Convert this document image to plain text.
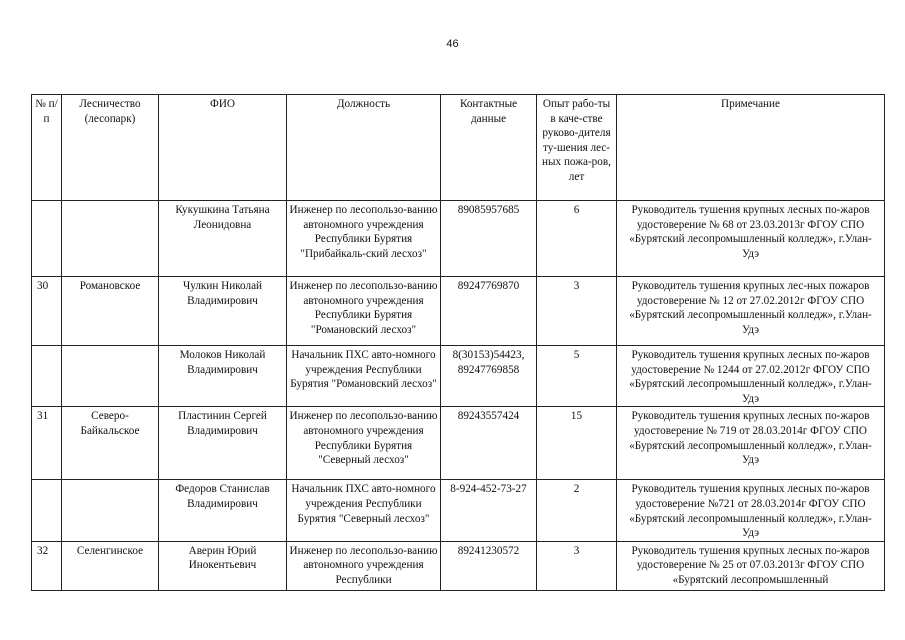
46
№ п/п	Лесничество (лесопарк)	ФИО	Должность	Контактные данные	Опыт рабо-ты в каче-стве руково-дителя ту-шения лес-ных пожа-ров, лет	Примечание
		Кукушкина Татьяна Леонидовна	Инженер по лесопользо-ванию автономного учреждения Республики Бурятия "Прибайкаль-ский лесхоз"	89085957685	6	Руководитель тушения крупных лесных по-жаров удостоверение № 68 от 23.03.2013г ФГОУ СПО «Бурятский лесопромышленный колледж», г.Улан-Удэ
30	Романовское	Чулкин Николай Владимирович	Инженер по лесопользо-ванию автономного учреждения Республики Бурятия "Романовский лесхоз"	89247769870	3	Руководитель тушения крупных лес-ных пожаров удостоверение № 12 от 27.02.2012г ФГОУ СПО «Бурятский лесопромышленный колледж», г.Улан-Удэ
		Молоков Николай Владимирович	Начальник ПХС авто-номного учреждения Республики Бурятия "Романовский лесхоз"	8(30153)54423, 89247769858	5	Руководитель тушения крупных лесных по-жаров удостоверение № 1244 от 27.02.2012г ФГОУ СПО «Бурятский лесопромышленный колледж», г.Улан-Удэ
31	Северо-Байкальское	Пластинин Сергей Владимирович	Инженер по лесопользо-ванию автономного учреждения Республики Бурятия "Северный лесхоз"	89243557424	15	Руководитель тушения крупных лесных по-жаров удостоверение № 719 от 28.03.2014г ФГОУ СПО «Бурятский лесопромышленный колледж», г.Улан-Удэ
		Федоров Станислав Владимирович	Начальник ПХС авто-номного учреждения Республики Бурятия "Северный лесхоз"	8-924-452-73-27	2	Руководитель тушения крупных лесных по-жаров удостоверение №721 от 28.03.2014г ФГОУ СПО «Бурятский лесопромышленный колледж», г.Улан-Удэ
32	Селенгинское	Аверин Юрий Инокентьевич	Инженер по лесопользо-ванию автономного учреждения Республики	89241230572	3	Руководитель тушения крупных лесных по-жаров удостоверение № 25 от 07.03.2013г ФГОУ СПО «Бурятский лесопромышленный
